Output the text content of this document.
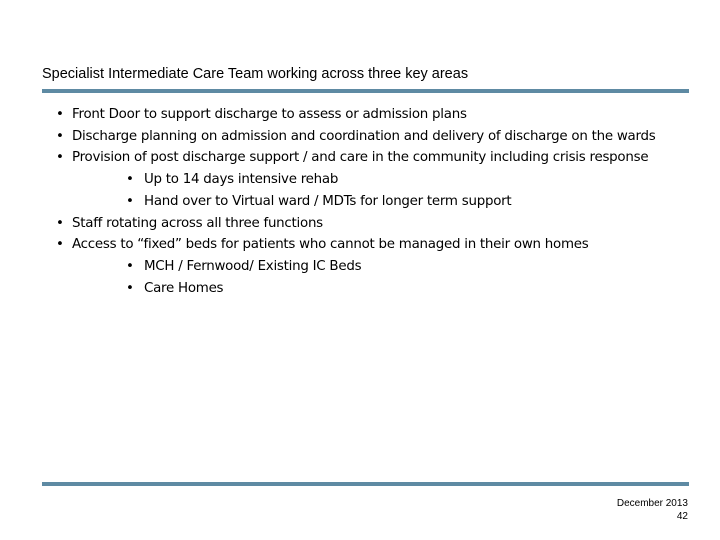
Specialist Intermediate Care Team working across three key areas
• Front Door to support discharge to assess or admission plans
• Discharge planning on admission and coordination and delivery of discharge on the wards
• Provision of post discharge support / and care in the community including crisis response
• Up to 14 days intensive rehab
• Hand over to Virtual ward / MDTs for longer term support
• Staff rotating across all three functions
• Access to “fixed” beds for patients who cannot be managed in their own homes
• MCH / Fernwood/ Existing IC Beds
• Care Homes
December 2013
42
